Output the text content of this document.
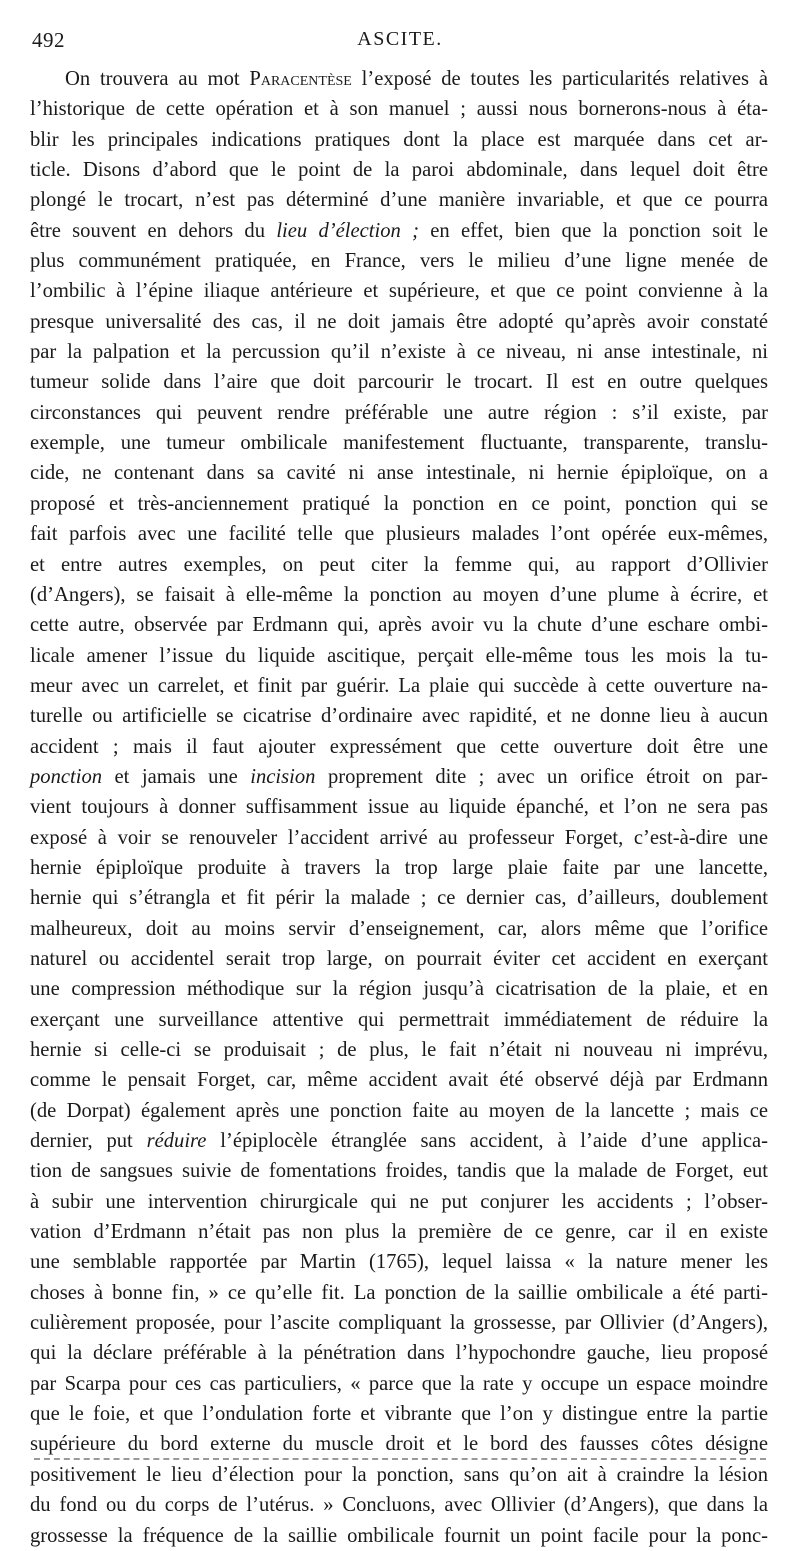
492	ASCITE.
On trouvera au mot Paracentèse l’exposé de toutes les particularités relatives à
l’historique de cette opération et à son manuel ; aussi nous bornerons-nous à éta-
blir les principales indications pratiques dont la place est marquée dans cet ar-
ticle. Disons d’abord que le point de la paroi abdominale, dans lequel doit être
plongé le trocart, n’est pas déterminé d’une manière invariable, et que ce pourra
être souvent en dehors du lieu d’élection ; en effet, bien que la ponction soit le
plus communément pratiquée, en France, vers le milieu d’une ligne menée de
l’ombilic à l’épine iliaque antérieure et supérieure, et que ce point convienne à la
presque universalité des cas, il ne doit jamais être adopté qu’après avoir constaté
par la palpation et la percussion qu’il n’existe à ce niveau, ni anse intestinale, ni
tumeur solide dans l’aire que doit parcourir le trocart. Il est en outre quelques
circonstances qui peuvent rendre préférable une autre région : s’il existe, par
exemple, une tumeur ombilicale manifestement fluctuante, transparente, translu-
cide, ne contenant dans sa cavité ni anse intestinale, ni hernie épiploïque, on a
proposé et très-anciennement pratiqué la ponction en ce point, ponction qui se
fait parfois avec une facilité telle que plusieurs malades l’ont opérée eux-mêmes,
et entre autres exemples, on peut citer la femme qui, au rapport d’Ollivier
(d’Angers), se faisait à elle-même la ponction au moyen d’une plume à écrire, et
cette autre, observée par Erdmann qui, après avoir vu la chute d’une eschare ombi-
licale amener l’issue du liquide ascitique, perçait elle-même tous les mois la tu-
meur avec un carrelet, et finit par guérir. La plaie qui succède à cette ouverture na-
turelle ou artificielle se cicatrise d’ordinaire avec rapidité, et ne donne lieu à aucun
accident ; mais il faut ajouter expressément que cette ouverture doit être une
ponction et jamais une incision proprement dite ; avec un orifice étroit on par-
vient toujours à donner suffisamment issue au liquide épanché, et l’on ne sera pas
exposé à voir se renouveler l’accident arrivé au professeur Forget, c’est-à-dire une
hernie épiploïque produite à travers la trop large plaie faite par une lancette,
hernie qui s’étrangla et fit périr la malade ; ce dernier cas, d’ailleurs, doublement
malheureux, doit au moins servir d’enseignement, car, alors même que l’orifice
naturel ou accidentel serait trop large, on pourrait éviter cet accident en exerçant
une compression méthodique sur la région jusqu’à cicatrisation de la plaie, et en
exerçant une surveillance attentive qui permettrait immédiatement de réduire la
hernie si celle-ci se produisait ; de plus, le fait n’était ni nouveau ni imprévu,
comme le pensait Forget, car, même accident avait été observé déjà par Erdmann
(de Dorpat) également après une ponction faite au moyen de la lancette ; mais ce
dernier, put réduire l’épiplocèle étranglée sans accident, à l’aide d’une applica-
tion de sangsues suivie de fomentations froides, tandis que la malade de Forget, eut
à subir une intervention chirurgicale qui ne put conjurer les accidents ; l’obser-
vation d’Erdmann n’était pas non plus la première de ce genre, car il en existe
une semblable rapportée par Martin (1765), lequel laissa « la nature mener les
choses à bonne fin, » ce qu’elle fit. La ponction de la saillie ombilicale a été parti-
culièrement proposée, pour l’ascite compliquant la grossesse, par Ollivier (d’Angers),
qui la déclare préférable à la pénétration dans l’hypochondre gauche, lieu proposé
par Scarpa pour ces cas particuliers, « parce que la rate y occupe un espace moindre
que le foie, et que l’ondulation forte et vibrante que l’on y distingue entre la partie
supérieure du bord externe du muscle droit et le bord des fausses côtes désigne
positivement le lieu d’élection pour la ponction, sans qu’on ait à craindre la lésion
du fond ou du corps de l’utérus. » Concluons, avec Ollivier (d’Angers), que dans la
grossesse la fréquence de la saillie ombilicale fournit un point facile pour la ponc-
